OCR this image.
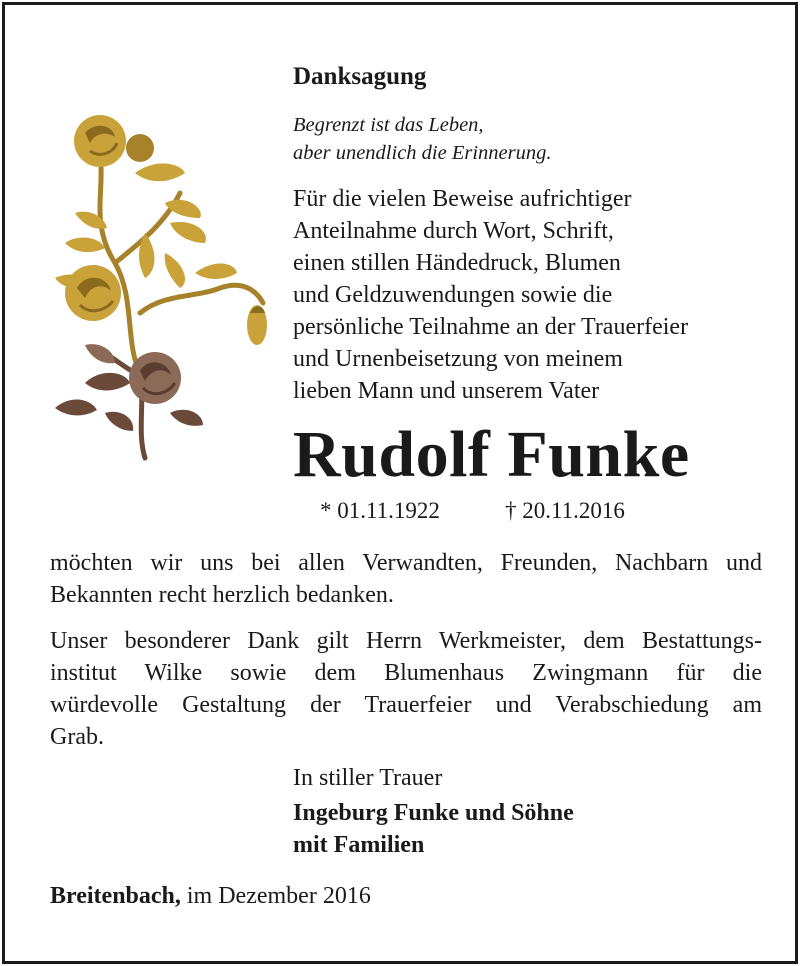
Danksagung
Begrenzt ist das Leben,
aber unendlich die Erinnerung.
Für die vielen Beweise aufrichtiger
Anteilnahme durch Wort, Schrift,
einen stillen Händedruck, Blumen
und Geldzuwendungen sowie die
persönliche Teilnahme an der Trauerfeier
und Urnenbeisetzung von meinem
lieben Mann und unserem Vater
Rudolf Funke
* 01.11.1922	† 20.11.2016
möchten wir uns bei allen Verwandten, Freunden, Nachbarn und
Bekannten recht herzlich bedanken.
Unser besonderer Dank gilt Herrn Werkmeister, dem Bestattungs-
institut Wilke sowie dem Blumenhaus Zwingmann für die
würdevolle Gestaltung der Trauerfeier und Verabschiedung am
Grab.
In stiller Trauer
Ingeburg Funke und Söhne
mit Familien
Breitenbach, im Dezember 2016
